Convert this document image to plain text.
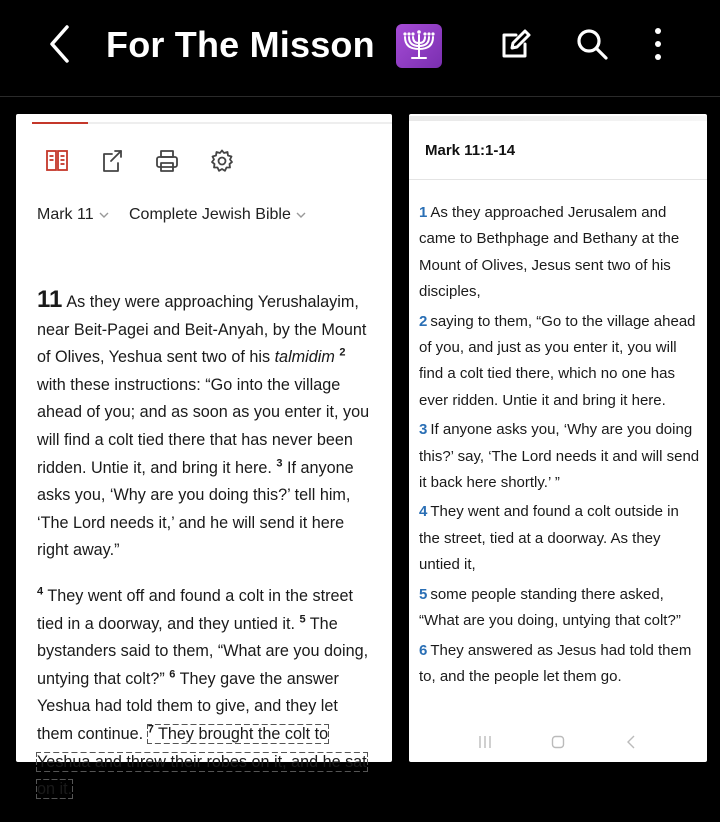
For The Misson
Mark 11 Complete Jewish Bible

11 As they were approaching Yerushalayim, near Beit-Pagei and Beit-Anyah, by the Mount of Olives, Yeshua sent two of his talmidim $^2$ with these instructions: “Go into the village ahead of you; and as soon as you enter it, you will find a colt tied there that has never been ridden. Untie it, and bring it here. $^3$ If anyone asks you, ‘Why are you doing this?’ tell him, ‘The Lord needs it,’ and he will send it here right away.”

$^4$ They went off and found a colt in the street tied in a doorway, and they untied it. $^5$ The bystanders said to them, “What are you doing, untying that colt?” $^6$ They gave the answer Yeshua had told them to give, and they let them continue. $^7$ They brought the colt to Yeshua and threw their robes on it, and he sat on it.

Mark 11:1-14
1 As they approached Jerusalem and came to Bethphage and Bethany at the Mount of Olives, Jesus sent two of his disciples,
2 saying to them, “Go to the village ahead of you, and just as you enter it, you will find a colt tied there, which no one has ever ridden. Untie it and bring it here.
3 If anyone asks you, ‘Why are you doing this?’ say, ‘The Lord needs it and will send it back here shortly.’ ”
4 They went and found a colt outside in the street, tied at a doorway. As they untied it,
5 some people standing there asked, “What are you doing, untying that colt?”
6 They answered as Jesus had told them to, and the people let them go.
